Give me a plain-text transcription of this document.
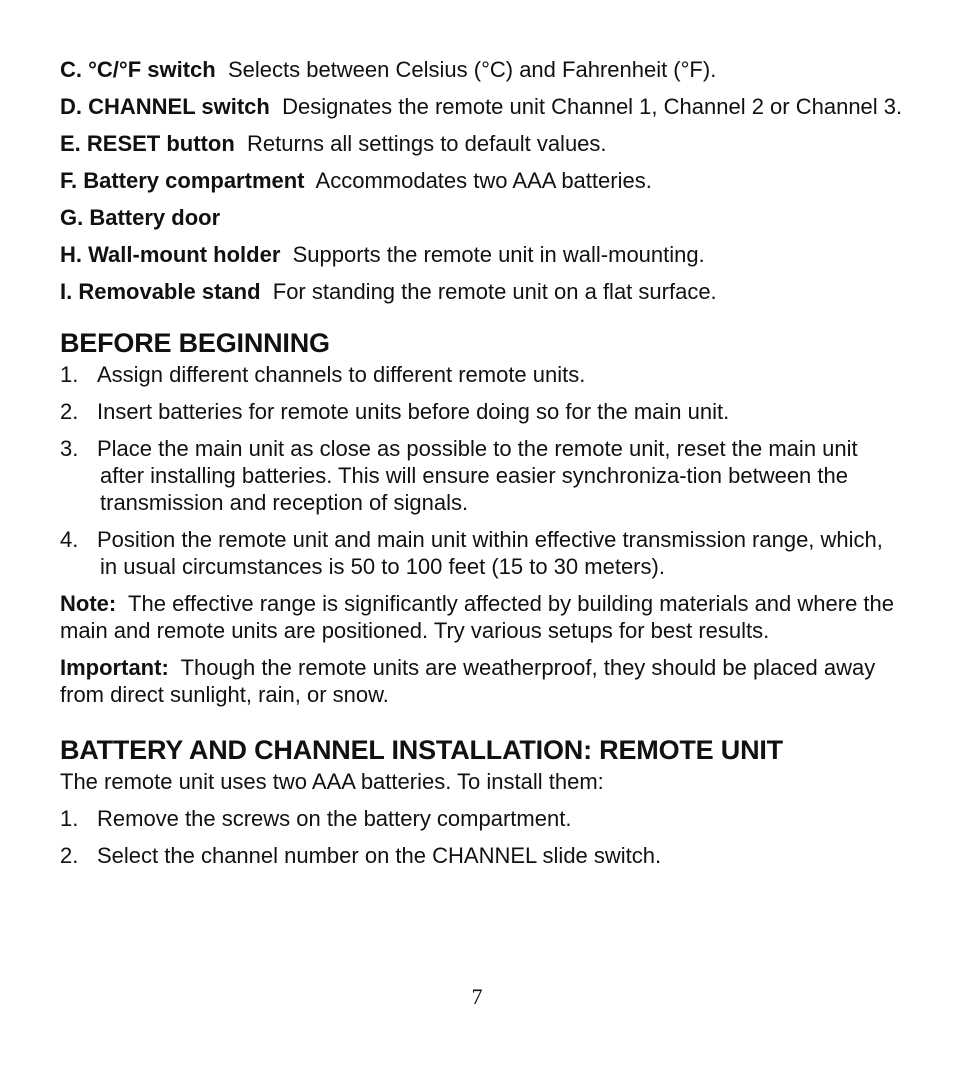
C. °C/°F switch Selects between Celsius (°C) and Fahrenheit (°F).

D. CHANNEL switch Designates the remote unit Channel 1, Channel 2 or Channel 3.

E. RESET button Returns all settings to default values.

F. Battery compartment Accommodates two AAA batteries.

G. Battery door

H. Wall-mount holder Supports the remote unit in wall-mounting.

I. Removable stand For standing the remote unit on a flat surface.

BEFORE BEGINNING
1. Assign different channels to different remote units.
2. Insert batteries for remote units before doing so for the main unit.
3. Place the main unit as close as possible to the remote unit, reset the main unit after installing batteries. This will ensure easier synchroniza-tion between the transmission and reception of signals.
4. Position the remote unit and main unit within effective transmission range, which, in usual circumstances is 50 to 100 feet (15 to 30 meters).

Note: The effective range is significantly affected by building materials and where the main and remote units are positioned. Try various setups for best results.

Important: Though the remote units are weatherproof, they should be placed away from direct sunlight, rain, or snow.

BATTERY AND CHANNEL INSTALLATION: REMOTE UNIT

The remote unit uses two AAA batteries. To install them:

1. Remove the screws on the battery compartment.
2. Select the channel number on the CHANNEL slide switch.
7
